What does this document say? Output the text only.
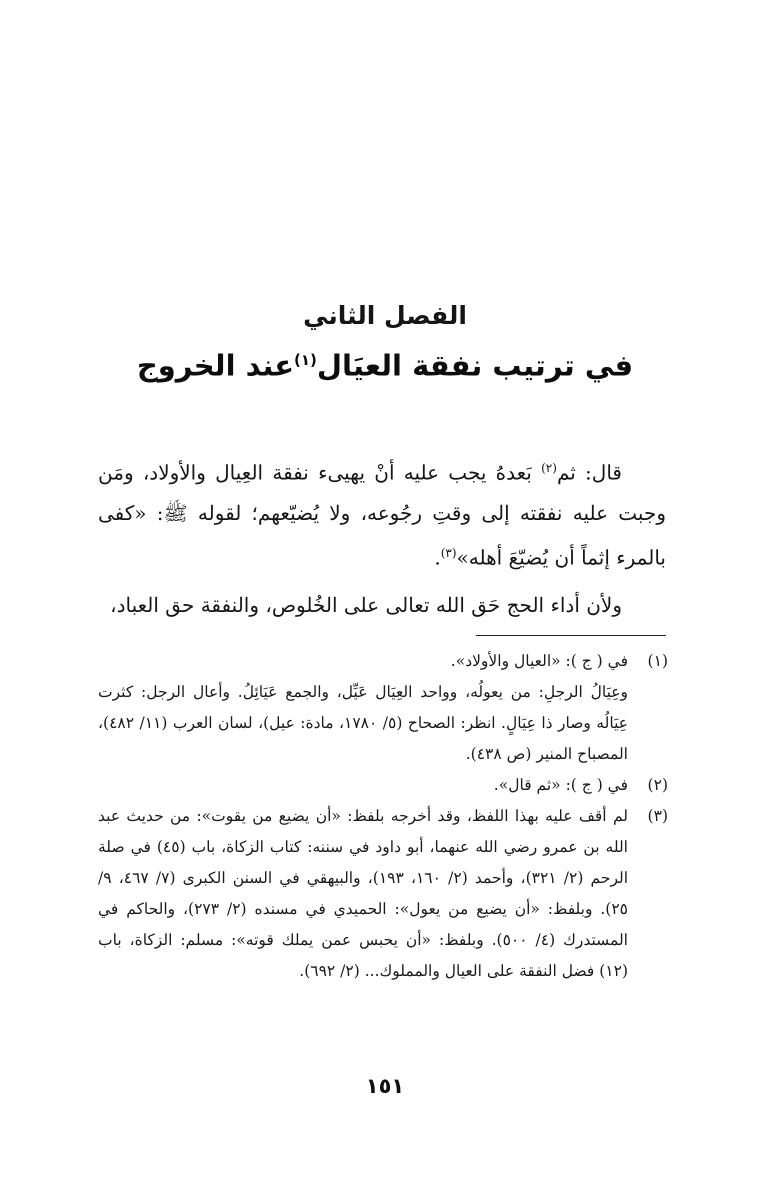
الفصل الثاني
في ترتيب نفقة العيَال$^{(١)}$عند الخروج

قال: ثم$^{(٢)}$ بَعدهُ يجب عليه أنْ يهيىء نفقة العِيال والأولاد، ومَن وجبت عليه نفقته إلى وقتِ رجُوعه، ولا يُضيّعهم؛ لقوله ﷺ: «كفى بالمرء إثماً أن يُضيّعَ أهله»$^{(٣)}$.

ولأن أداء الحج حَق الله تعالى على الخُلوص، والنفقة حق العباد،

(١)

في ( ج ): «العيال والأولاد».

وعِيَالُ الرجلِ: من يعولُه، وواحد العِيَال عَيِّل، والجمع عَيَائِلُ. وأعال الرجل: كثرت عِيَالُه وصار ذا عِيَالٍ. انظر: الصحاح (٥/ ١٧٨٠، مادة: عيل)، لسان العرب (١١/ ٤٨٢)، المصباح المنير (ص ٤٣٨).

(٢)

في ( ج ): «ثم قال».

(٣)

لم أقف عليه بهذا اللفظ، وقد أخرجه بلفظ: «أن يضيع من يقوت»: من حديث عبد الله بن عمرو رضي الله عنهما، أبو داود في سننه: كتاب الزكاة، باب (٤٥) في صلة الرحم (٢/ ٣٢١)، وأحمد (٢/ ١٦٠، ١٩٣)، والبيهقي في السنن الكبرى (٧/ ٤٦٧، ٩/ ٢٥). وبلفظ: «أن يضيع من يعول»: الحميدي في مسنده (٢/ ٢٧٣)، والحاكم في المستدرك (٤/ ٥٠٠). وبلفظ: «أن يحبس عمن يملك قوته»: مسلم: الزكاة، باب (١٢) فضل النفقة على العيال والمملوك... (٢/ ٦٩٢).

١٥١
